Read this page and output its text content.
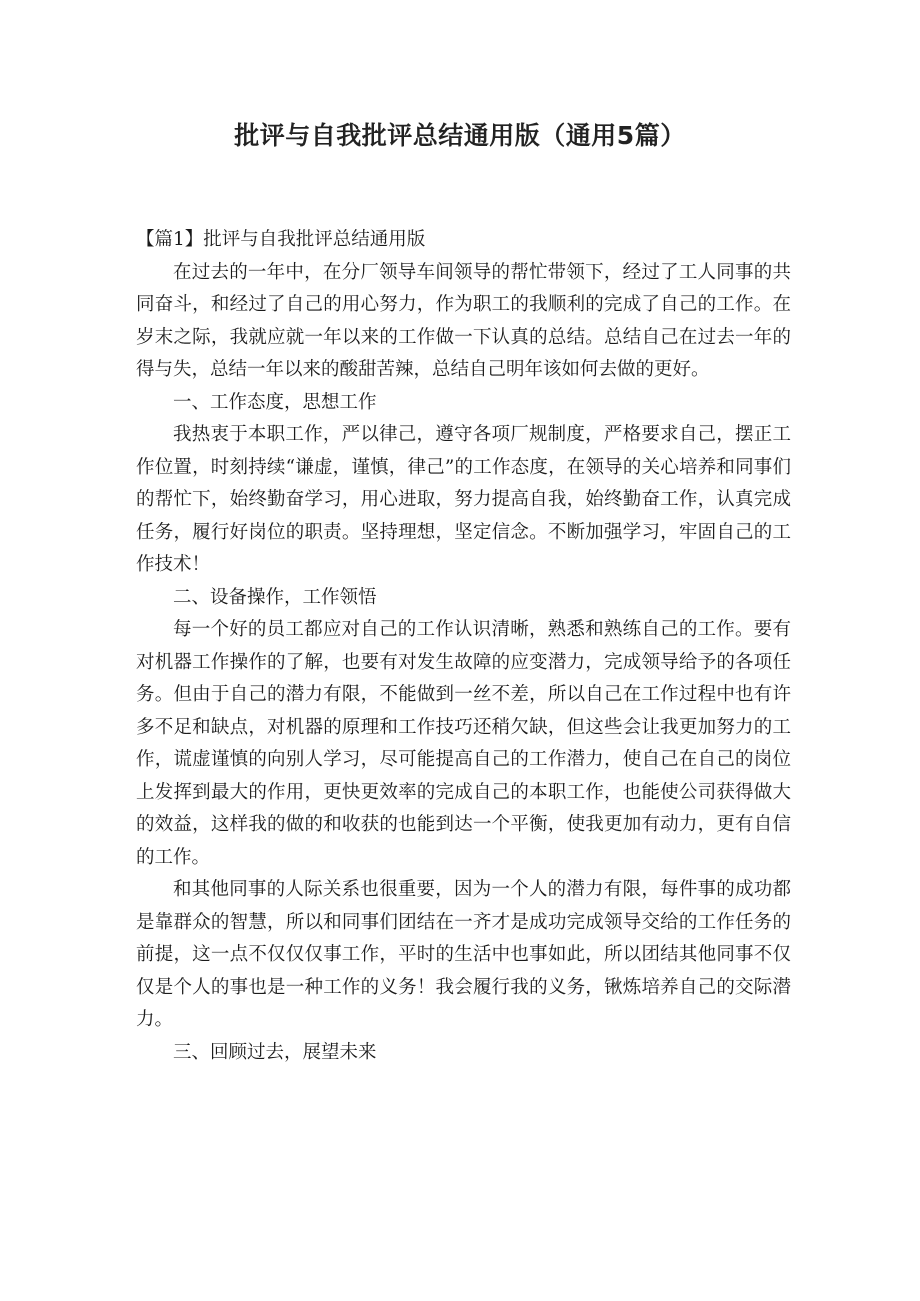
批评与自我批评总结通用版（通用5篇）

【篇1】批评与自我批评总结通用版

在过去的一年中，在分厂领导车间领导的帮忙带领下，经过了工人同事的共同奋斗，和经过了自己的用心努力，作为职工的我顺利的完成了自己的工作。在岁末之际，我就应就一年以来的工作做一下认真的总结。总结自己在过去一年的得与失，总结一年以来的酸甜苦辣，总结自己明年该如何去做的更好。

一、工作态度，思想工作

我热衷于本职工作，严以律己，遵守各项厂规制度，严格要求自己，摆正工作位置，时刻持续“谦虚，谨慎，律己”的工作态度，在领导的关心培养和同事们的帮忙下，始终勤奋学习，用心进取，努力提高自我，始终勤奋工作，认真完成任务，履行好岗位的职责。坚持理想，坚定信念。不断加强学习，牢固自己的工作技术！

二、设备操作，工作领悟

每一个好的员工都应对自己的工作认识清晰，熟悉和熟练自己的工作。要有对机器工作操作的了解，也要有对发生故障的应变潜力，完成领导给予的各项任务。但由于自己的潜力有限，不能做到一丝不差，所以自己在工作过程中也有许多不足和缺点，对机器的原理和工作技巧还稍欠缺，但这些会让我更加努力的工作，谎虚谨慎的向别人学习，尽可能提高自己的工作潜力，使自己在自己的岗位上发挥到最大的作用，更快更效率的完成自己的本职工作，也能使公司获得做大的效益，这样我的做的和收获的也能到达一个平衡，使我更加有动力，更有自信的工作。

和其他同事的人际关系也很重要，因为一个人的潜力有限，每件事的成功都是靠群众的智慧，所以和同事们团结在一齐才是成功完成领导交给的工作任务的前提，这一点不仅仅仅事工作，平时的生活中也事如此，所以团结其他同事不仅仅是个人的事也是一种工作的义务！我会履行我的义务，锹炼培养自己的交际潜力。

三、回顾过去，展望未来
